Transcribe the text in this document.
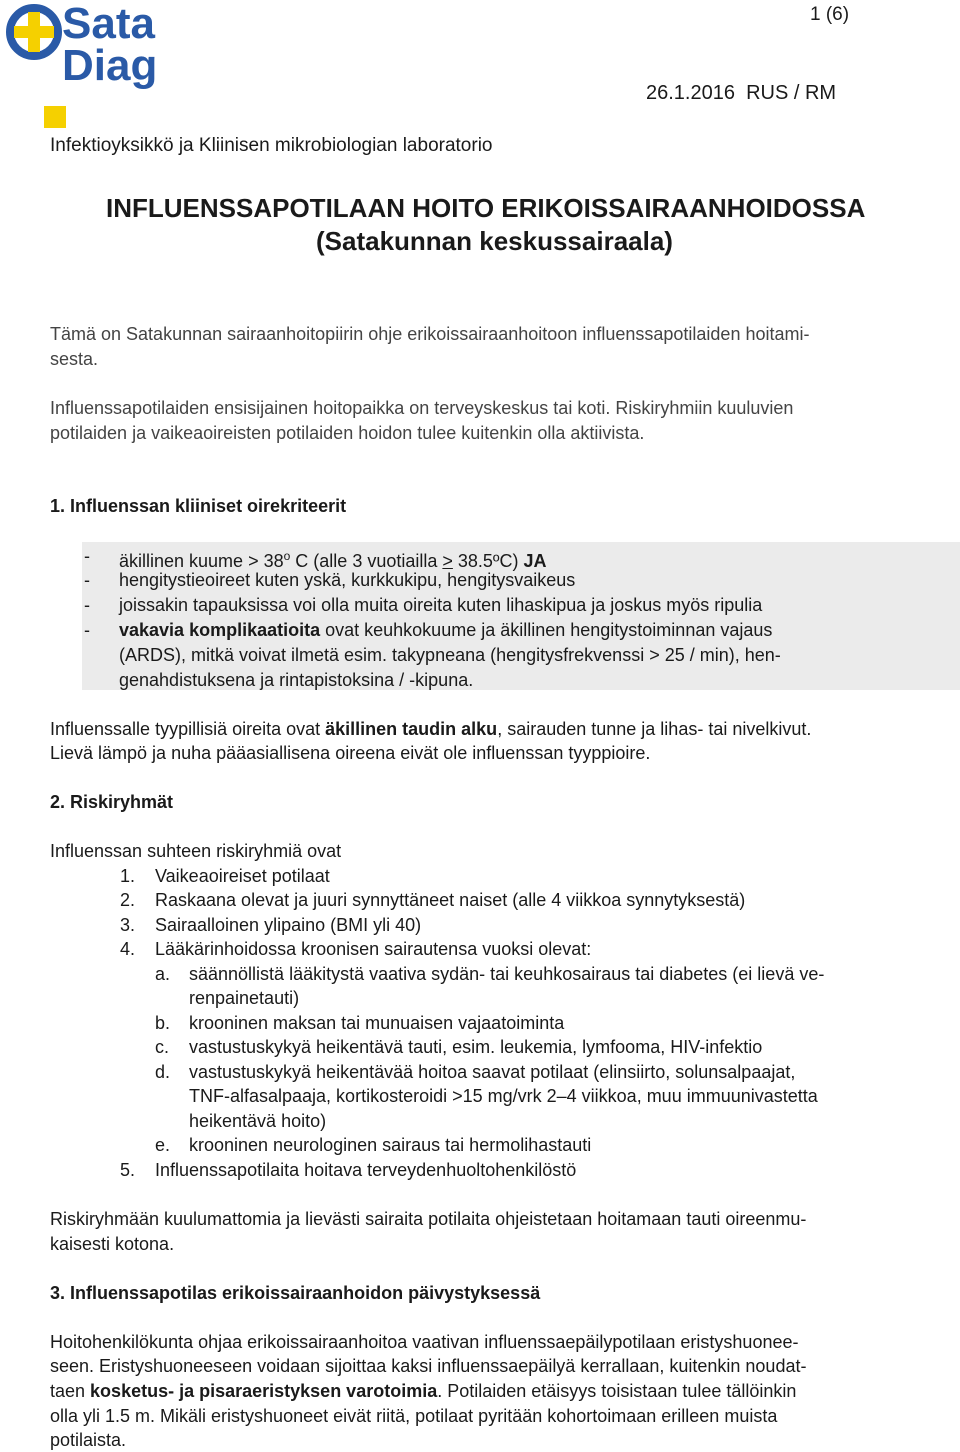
Sata
Diag
1 (6)
26.1.2016  RUS / RM
Infektioyksikkö ja Kliinisen mikrobiologian laboratorio
INFLUENSSAPOTILAAN HOITO ERIKOISSAIRAANHOIDOSSA
(Satakunnan keskussairaala)
Tämä on Satakunnan sairaanhoitopiirin ohje erikoissairaanhoitoon influenssapotilaiden hoitami-
sesta.
Influenssapotilaiden ensisijainen hoitopaikka on terveyskeskus tai koti. Riskiryhmiin kuuluvien
potilaiden ja vaikeaoireisten potilaiden hoidon tulee kuitenkin olla aktiivista.
1. Influenssan kliiniset oirekriteerit
- äkillinen kuume > $38^o$ C (alle 3 vuotiailla > 38.5ºC) JA
- hengitystieoireet kuten yskä, kurkkukipu, hengitysvaikeus
- joissakin tapauksissa voi olla muita oireita kuten lihaskipua ja joskus myös ripulia
- vakavia komplikaatioita ovat keuhkokuume ja äkillinen hengitystoiminnan vajaus
(ARDS), mitkä voivat ilmetä esim. takypneana (hengitysfrekvenssi > 25 / min), hen-
genahdistuksena ja rintapistoksina / -kipuna.
Influenssalle tyypillisiä oireita ovat äkillinen taudin alku, sairauden tunne ja lihas- tai nivelkivut.
Lievä lämpö ja nuha pääasiallisena oireena eivät ole influenssan tyyppioire.
2. Riskiryhmät
Influenssan suhteen riskiryhmiä ovat
1. Vaikeaoireiset potilaat
2. Raskaana olevat ja juuri synnyttäneet naiset (alle 4 viikkoa synnytyksestä)
3. Sairaalloinen ylipaino (BMI yli 40)
4. Lääkärinhoidossa kroonisen sairautensa vuoksi olevat:
a. säännöllistä lääkitystä vaativa sydän- tai keuhkosairaus tai diabetes (ei lievä ve-
renpainetauti)
b. krooninen maksan tai munuaisen vajaatoiminta
c. vastustuskykyä heikentävä tauti, esim. leukemia, lymfooma, HIV-infektio
d. vastustuskykyä heikentävää hoitoa saavat potilaat (elinsiirto, solunsalpaajat,
TNF-alfasalpaaja, kortikosteroidi >15 mg/vrk 2–4 viikkoa, muu immuunivastetta
heikentävä hoito)
e. krooninen neurologinen sairaus tai hermolihastauti
5. Influenssapotilaita hoitava terveydenhuoltohenkilöstö
Riskiryhmään kuulumattomia ja lievästi sairaita potilaita ohjeistetaan hoitamaan tauti oireenmu-
kaisesti kotona.
3. Influenssapotilas erikoissairaanhoidon päivystyksessä
Hoitohenkilökunta ohjaa erikoissairaanhoitoa vaativan influenssaepäilypotilaan eristyshuonee-
seen. Eristyshuoneeseen voidaan sijoittaa kaksi influenssaepäilyä kerrallaan, kuitenkin noudat-
taen kosketus- ja pisaraeristyksen varotoimia. Potilaiden etäisyys toisistaan tulee tällöinkin
olla yli 1.5 m. Mikäli eristyshuoneet eivät riitä, potilaat pyritään kohortoimaan erilleen muista
potilaista.
